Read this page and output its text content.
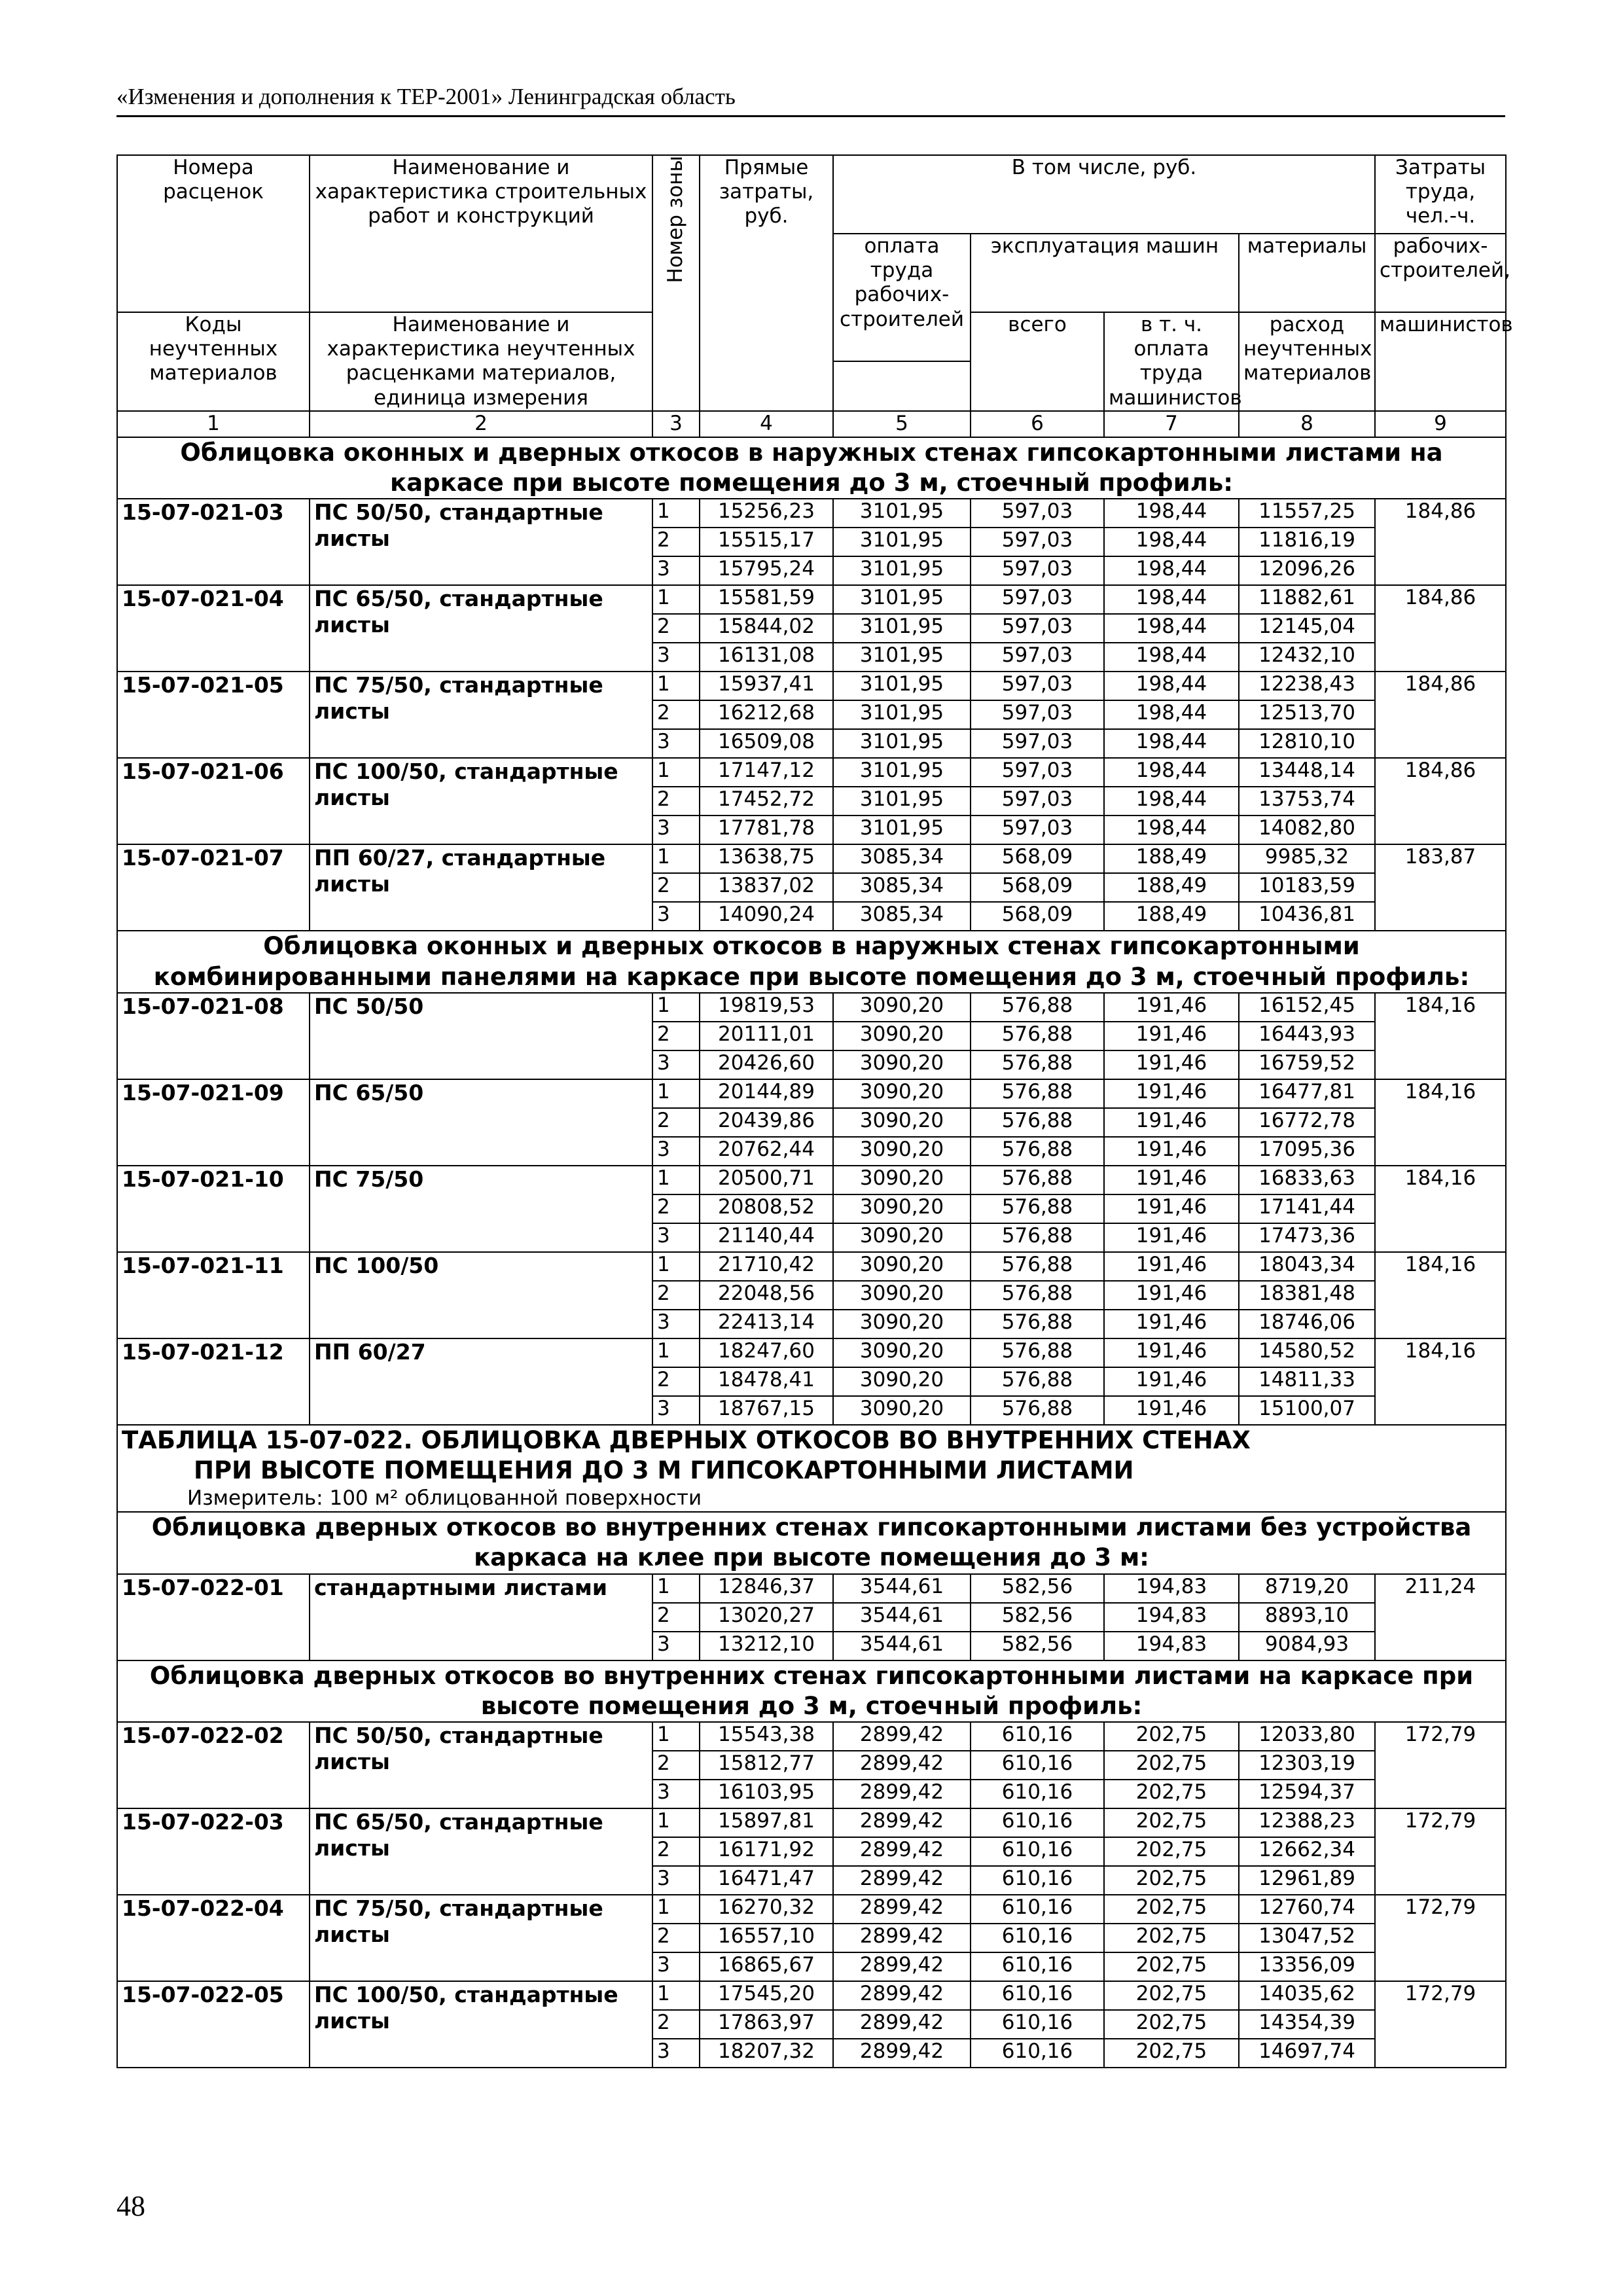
«Изменения и дополнения к ТЕР-2001» Ленинградская область
Номера расценок	Наименование и характеристика строительных работ и конструкций	Номер зоны	Прямые затраты, руб.	В том числе, руб.				Затраты труда, чел.-ч.
				оплата труда рабочих-строителей	эксплуатация машин		материалы	рабочих-строителей,

Коды неучтенных материалов	Наименование и характеристика неучтенных расценками материалов, единица измерения				всего	в т. ч. оплата труда машинистов	расход неучтенных материалов	машинистов

1	2	3	4	5	6	7	8	9
Облицовка оконных и дверных откосов в наружных стенах гипсокартонными листами на каркасе при высоте помещения до 3 м, стоечный профиль:								
15-07-021-03	ПС 50/50, стандартные листы	1	15256,23	3101,95	597,03	198,44	11557,25	184,86
		2	15515,17	3101,95	597,03	198,44	11816,19	
		3	15795,24	3101,95	597,03	198,44	12096,26	
15-07-021-04	ПС 65/50, стандартные листы	1	15581,59	3101,95	597,03	198,44	11882,61	184,86
		2	15844,02	3101,95	597,03	198,44	12145,04	
		3	16131,08	3101,95	597,03	198,44	12432,10	
15-07-021-05	ПС 75/50, стандартные листы	1	15937,41	3101,95	597,03	198,44	12238,43	184,86
		2	16212,68	3101,95	597,03	198,44	12513,70	
		3	16509,08	3101,95	597,03	198,44	12810,10	
15-07-021-06	ПС 100/50, стандартные листы	1	17147,12	3101,95	597,03	198,44	13448,14	184,86
		2	17452,72	3101,95	597,03	198,44	13753,74	
		3	17781,78	3101,95	597,03	198,44	14082,80	
15-07-021-07	ПП 60/27, стандартные листы	1	13638,75	3085,34	568,09	188,49	9985,32	183,87
		2	13837,02	3085,34	568,09	188,49	10183,59	
		3	14090,24	3085,34	568,09	188,49	10436,81	
Облицовка оконных и дверных откосов в наружных стенах гипсокартонными комбинированными панелями на каркасе при высоте помещения до 3 м, стоечный профиль:								
15-07-021-08	ПС 50/50	1	19819,53	3090,20	576,88	191,46	16152,45	184,16
		2	20111,01	3090,20	576,88	191,46	16443,93	
		3	20426,60	3090,20	576,88	191,46	16759,52	
15-07-021-09	ПС 65/50	1	20144,89	3090,20	576,88	191,46	16477,81	184,16
		2	20439,86	3090,20	576,88	191,46	16772,78	
		3	20762,44	3090,20	576,88	191,46	17095,36	
15-07-021-10	ПС 75/50	1	20500,71	3090,20	576,88	191,46	16833,63	184,16
		2	20808,52	3090,20	576,88	191,46	17141,44	
		3	21140,44	3090,20	576,88	191,46	17473,36	
15-07-021-11	ПС 100/50	1	21710,42	3090,20	576,88	191,46	18043,34	184,16
		2	22048,56	3090,20	576,88	191,46	18381,48	
		3	22413,14	3090,20	576,88	191,46	18746,06	
15-07-021-12	ПП 60/27	1	18247,60	3090,20	576,88	191,46	14580,52	184,16
		2	18478,41	3090,20	576,88	191,46	14811,33	
		3	18767,15	3090,20	576,88	191,46	15100,07	

ТАБЛИЦА 15-07-022. ОБЛИЦОВКА ДВЕРНЫХ ОТКОСОВ ВО ВНУТРЕННИХ СТЕНАХ
ПРИ ВЫСОТЕ ПОМЕЩЕНИЯ ДО 3 М ГИПСОКАРТОННЫМИ ЛИСТАМИ
Измеритель: 100 м² облицованной поверхности								

Облицовка дверных откосов во внутренних стенах гипсокартонными листами без устройства каркаса на клее при высоте помещения до 3 м:								
15-07-022-01	стандартными листами	1	12846,37	3544,61	582,56	194,83	8719,20	211,24
		2	13020,27	3544,61	582,56	194,83	8893,10	
		3	13212,10	3544,61	582,56	194,83	9084,93	
Облицовка дверных откосов во внутренних стенах гипсокартонными листами на каркасе при высоте помещения до 3 м, стоечный профиль:								
15-07-022-02	ПС 50/50, стандартные листы	1	15543,38	2899,42	610,16	202,75	12033,80	172,79
		2	15812,77	2899,42	610,16	202,75	12303,19	
		3	16103,95	2899,42	610,16	202,75	12594,37	
15-07-022-03	ПС 65/50, стандартные листы	1	15897,81	2899,42	610,16	202,75	12388,23	172,79
		2	16171,92	2899,42	610,16	202,75	12662,34	
		3	16471,47	2899,42	610,16	202,75	12961,89	
15-07-022-04	ПС 75/50, стандартные листы	1	16270,32	2899,42	610,16	202,75	12760,74	172,79
		2	16557,10	2899,42	610,16	202,75	13047,52	
		3	16865,67	2899,42	610,16	202,75	13356,09	
15-07-022-05	ПС 100/50, стандартные листы	1	17545,20	2899,42	610,16	202,75	14035,62	172,79
		2	17863,97	2899,42	610,16	202,75	14354,39	
		3	18207,32	2899,42	610,16	202,75	14697,74	
48
